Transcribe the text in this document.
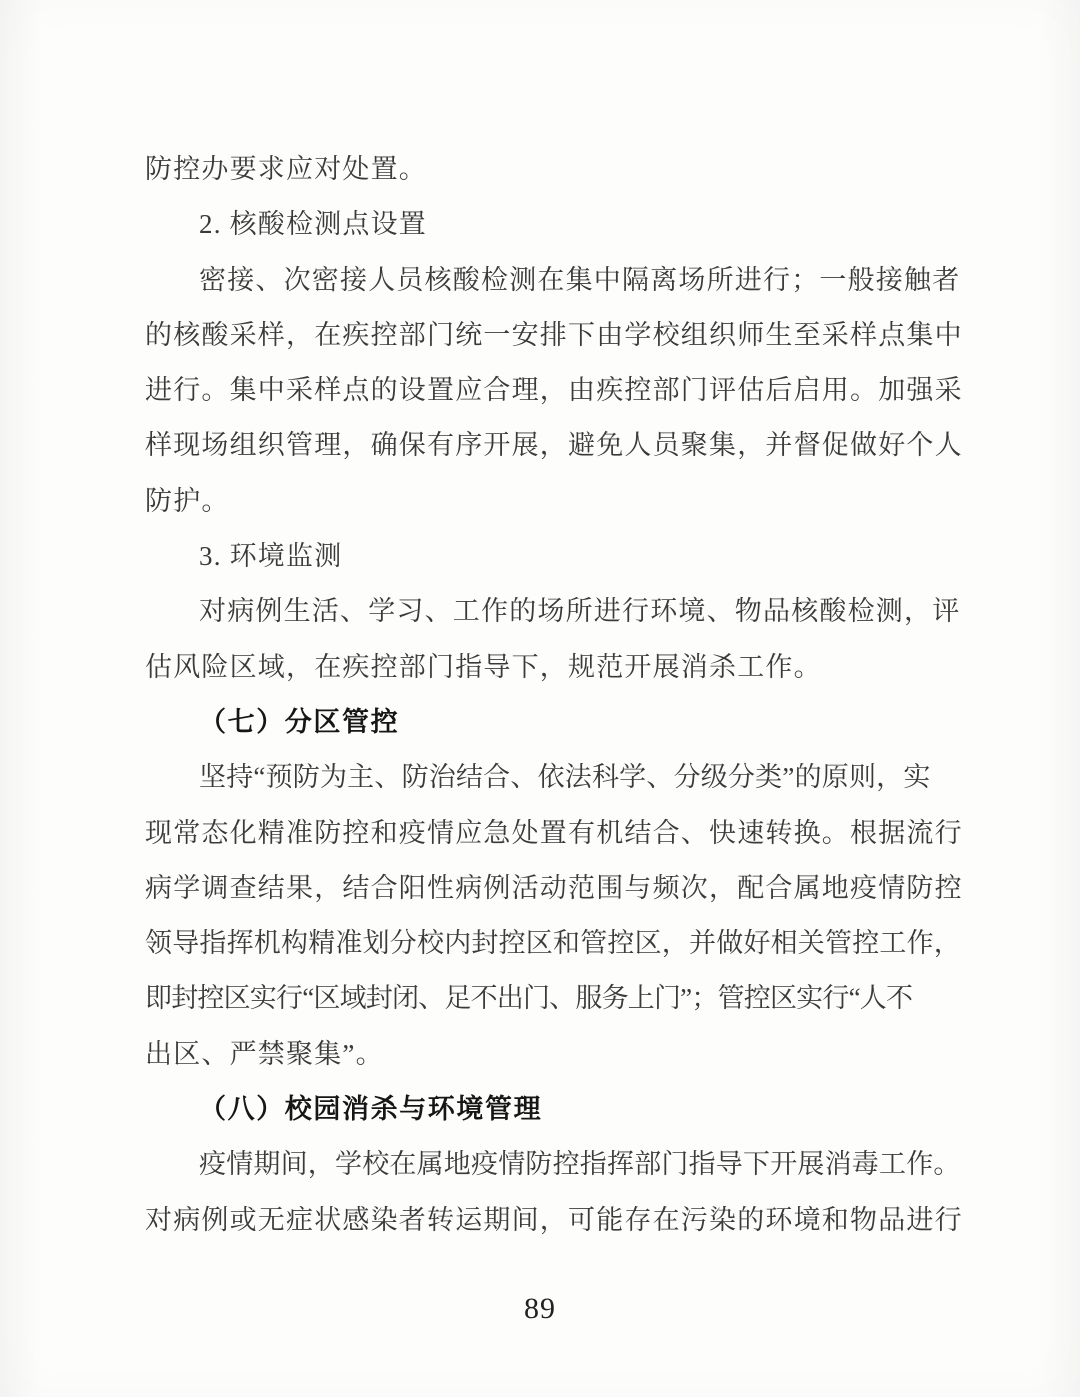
防控办要求应对处置。
2. 核酸检测点设置
密接、次密接人员核酸检测在集中隔离场所进行；一般接触者
的核酸采样，在疾控部门统一安排下由学校组织师生至采样点集中
进行。集中采样点的设置应合理，由疾控部门评估后启用。加强采
样现场组织管理，确保有序开展，避免人员聚集，并督促做好个人
防护。
3. 环境监测
对病例生活、学习、工作的场所进行环境、物品核酸检测，评
估风险区域，在疾控部门指导下，规范开展消杀工作。
（七）分区管控
坚持“预防为主、防治结合、依法科学、分级分类”的原则，实
现常态化精准防控和疫情应急处置有机结合、快速转换。根据流行
病学调查结果，结合阳性病例活动范围与频次，配合属地疫情防控
领导指挥机构精准划分校内封控区和管控区，并做好相关管控工作，
即封控区实行“区域封闭、足不出门、服务上门”；管控区实行“人不
出区、严禁聚集”。
（八）校园消杀与环境管理
疫情期间，学校在属地疫情防控指挥部门指导下开展消毒工作。
对病例或无症状感染者转运期间，可能存在污染的环境和物品进行
89
